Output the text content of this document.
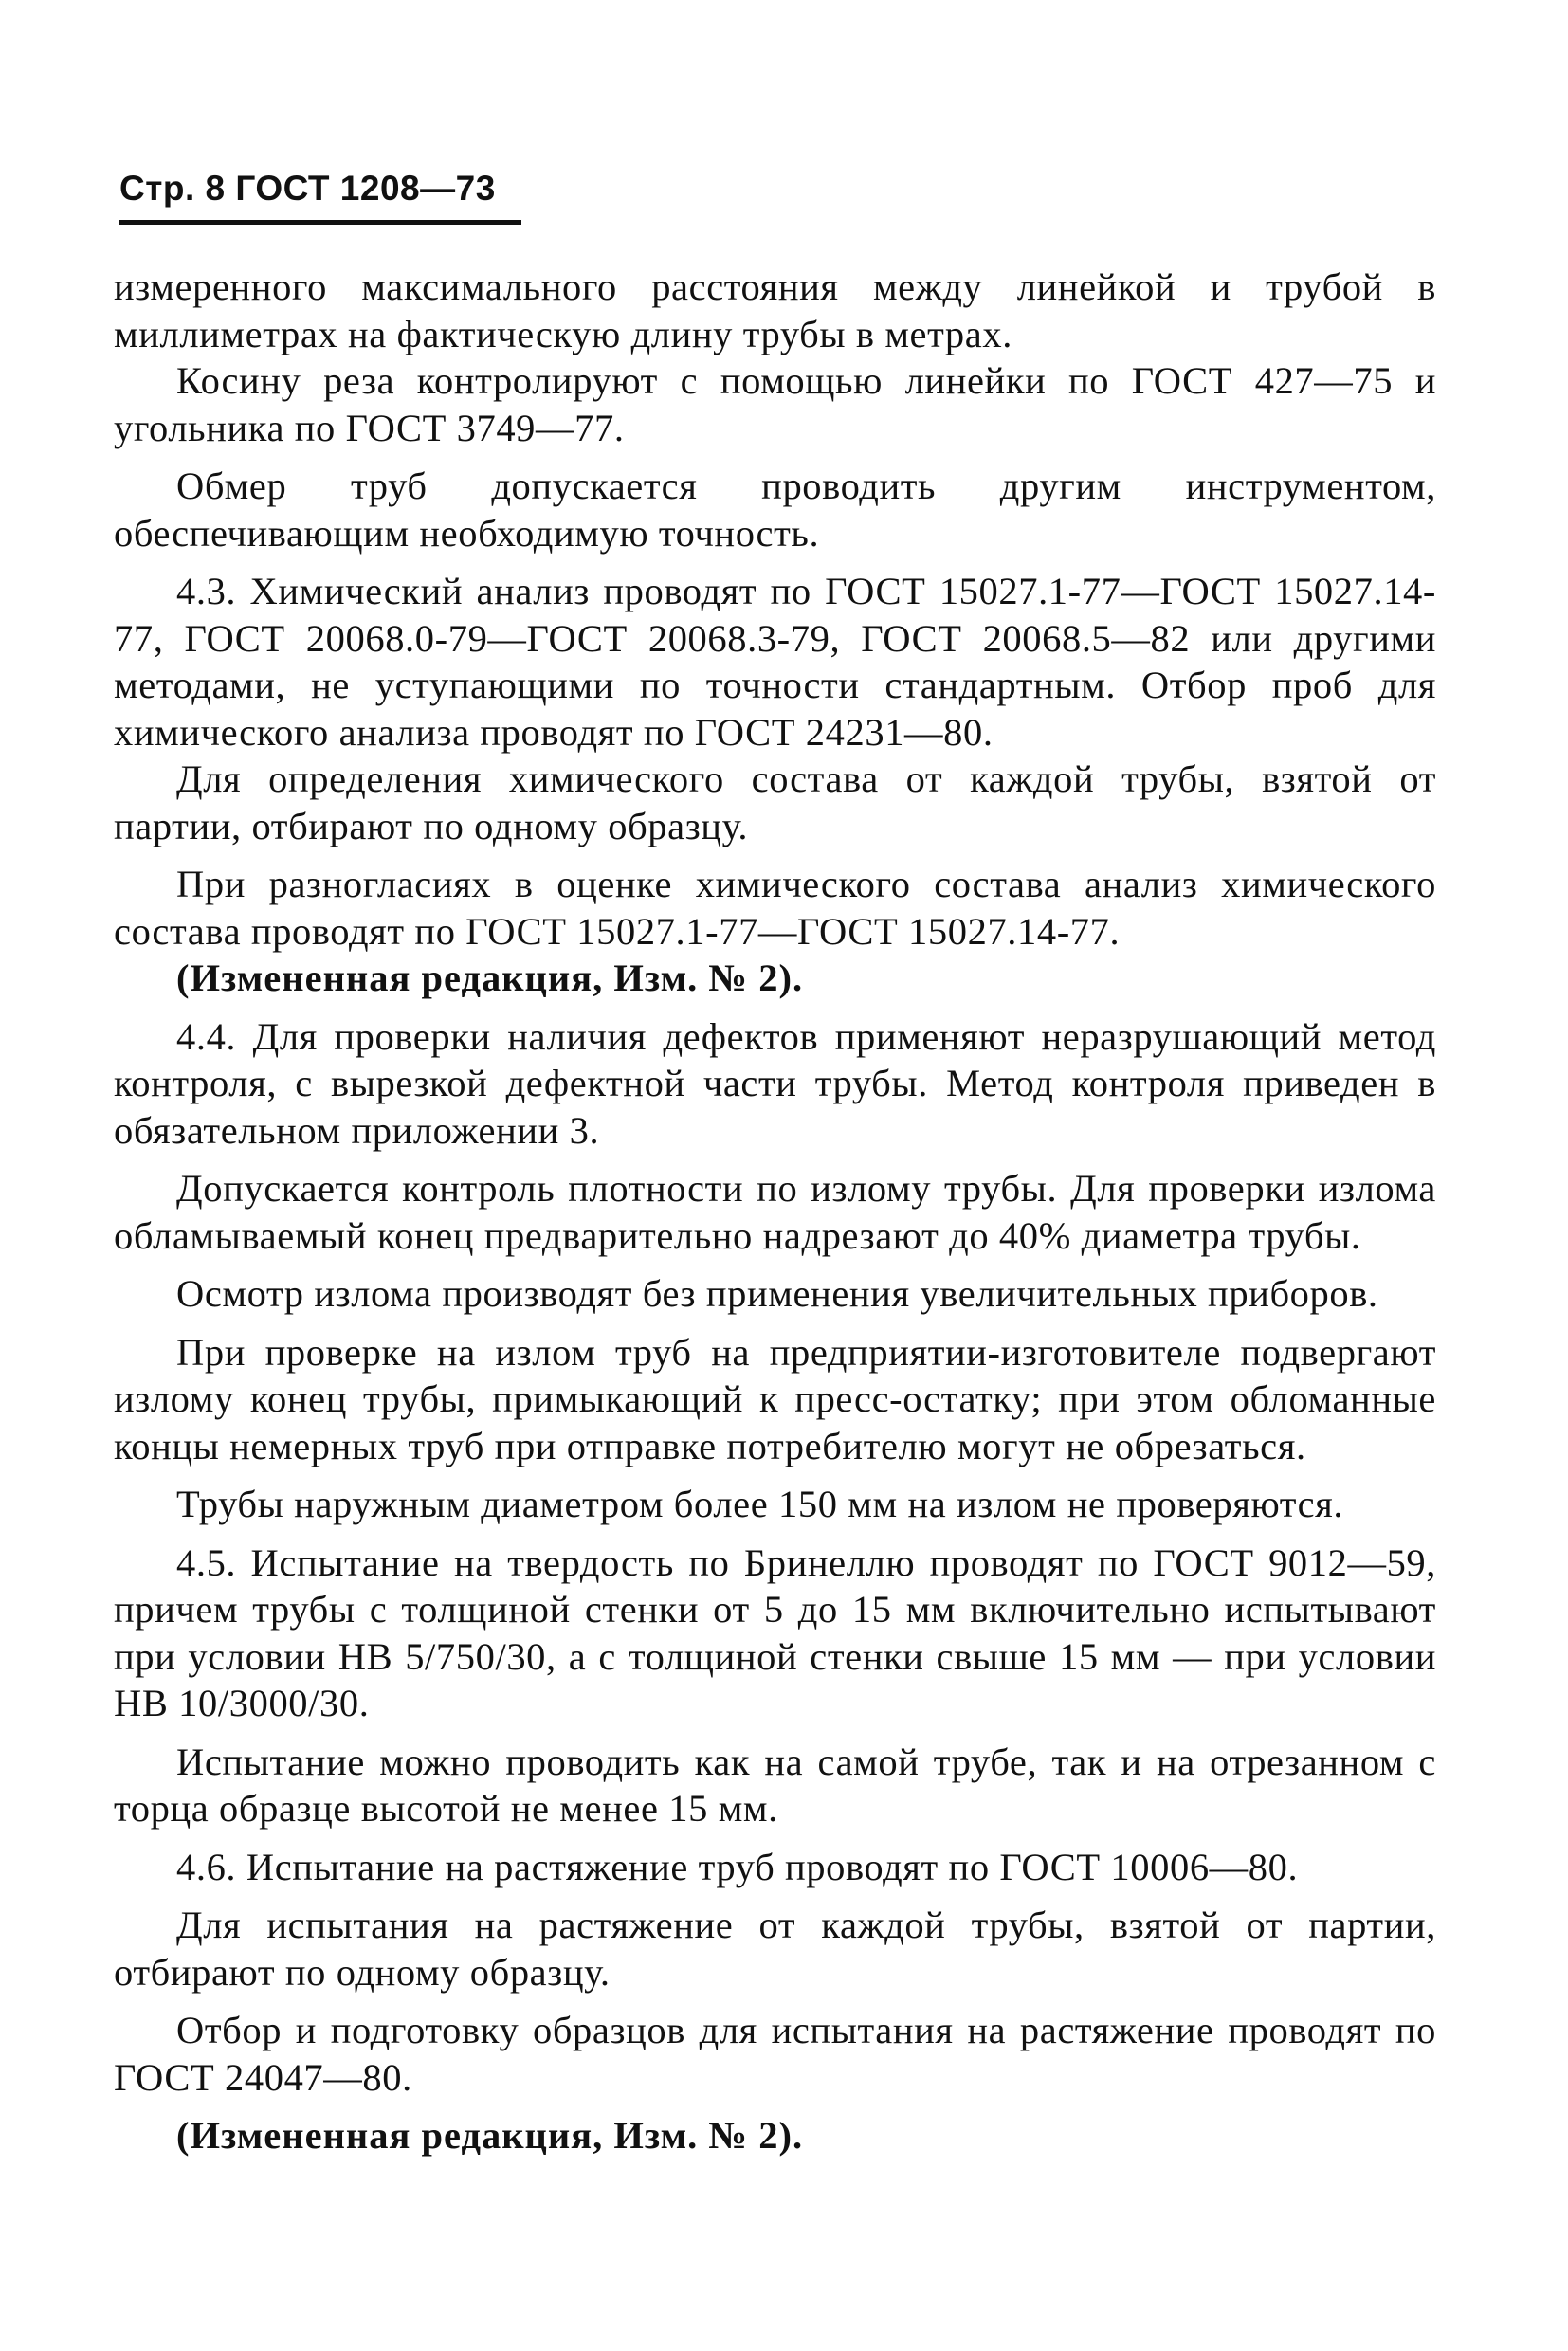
Стр. 8 ГОСТ 1208—73

измеренного максимального расстояния между линейкой и трубой в миллиметрах на фактическую длину трубы в метрах.

Косину реза контролируют с помощью линейки по ГОСТ 427—75 и угольника по ГОСТ 3749—77.

Обмер труб допускается проводить другим инструментом, обеспечивающим необходимую точность.

4.3. Химический анализ проводят по ГОСТ 15027.1-77—ГОСТ 15027.14-77, ГОСТ 20068.0-79—ГОСТ 20068.3-79, ГОСТ 20068.5—82 или другими методами, не уступающими по точности стандартным. Отбор проб для химического анализа проводят по ГОСТ 24231—80.

Для определения химического состава от каждой трубы, взятой от партии, отбирают по одному образцу.

При разногласиях в оценке химического состава анализ химического состава проводят по ГОСТ 15027.1-77—ГОСТ 15027.14-77.

(Измененная редакция, Изм. № 2).

4.4. Для проверки наличия дефектов применяют неразрушающий метод контроля, с вырезкой дефектной части трубы. Метод контроля приведен в обязательном приложении 3.

Допускается контроль плотности по излому трубы. Для проверки излома обламываемый конец предварительно надрезают до 40% диаметра трубы.

Осмотр излома производят без применения увеличительных приборов.

При проверке на излом труб на предприятии-изготовителе подвергают излому конец трубы, примыкающий к пресс-остатку; при этом обломанные концы немерных труб при отправке потребителю могут не обрезаться.

Трубы наружным диаметром более 150 мм на излом не проверяются.

4.5. Испытание на твердость по Бринеллю проводят по ГОСТ 9012—59, причем трубы с толщиной стенки от 5 до 15 мм включительно испытывают при условии НВ 5/750/30, а с толщиной стенки свыше 15 мм — при условии НВ 10/3000/30.

Испытание можно проводить как на самой трубе, так и на отрезанном с торца образце высотой не менее 15 мм.

4.6. Испытание на растяжение труб проводят по ГОСТ 10006—80.

Для испытания на растяжение от каждой трубы, взятой от партии, отбирают по одному образцу.

Отбор и подготовку образцов для испытания на растяжение проводят по ГОСТ 24047—80.

(Измененная редакция, Изм. № 2).
